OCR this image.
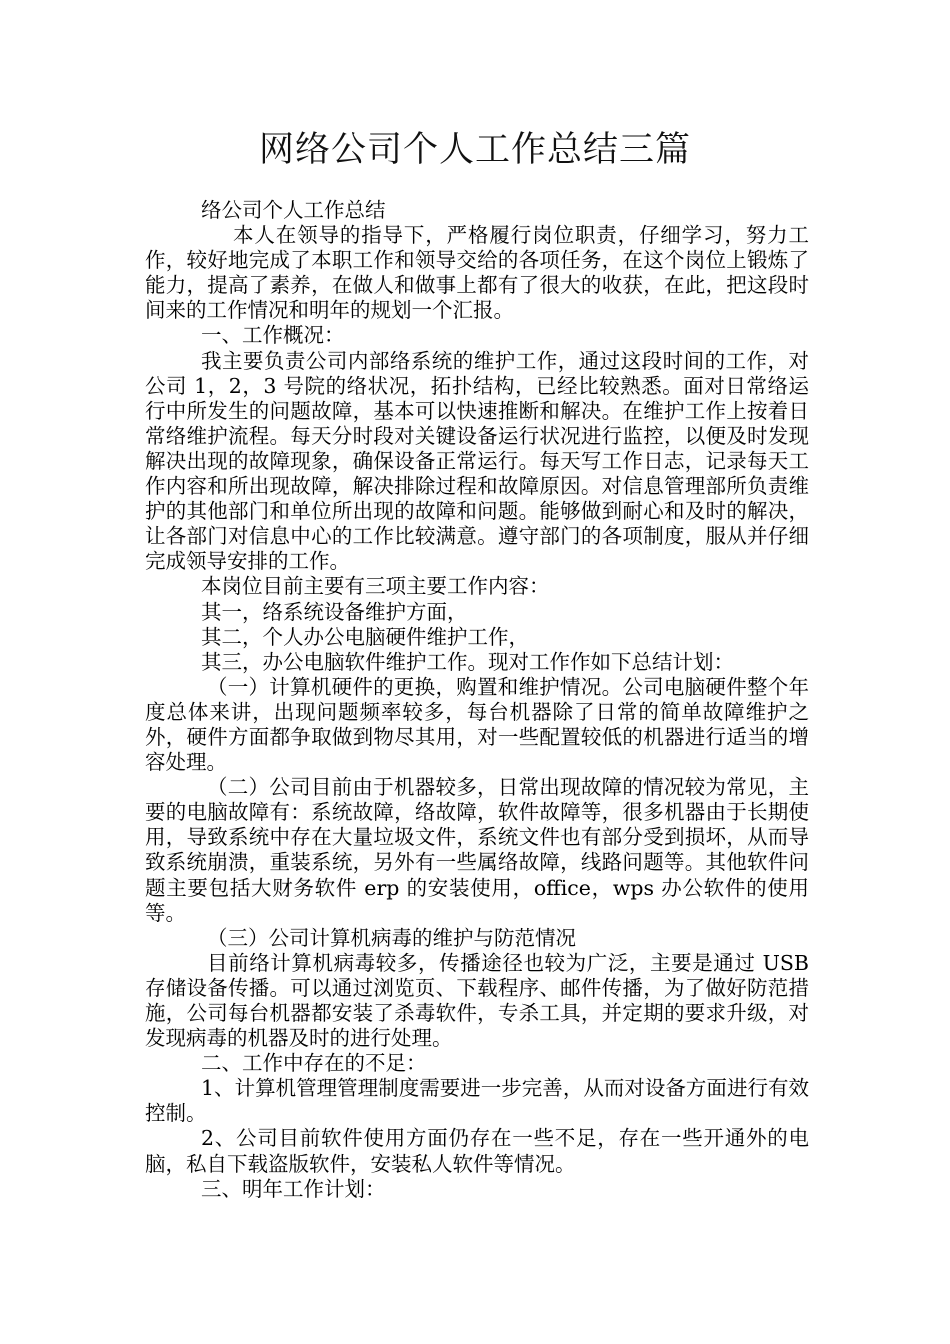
网络公司个人工作总结三篇

络公司个人工作总结

本人在领导的指导下，严格履行岗位职责，仔细学习，努力工作，较好地完成了本职工作和领导交给的各项任务，在这个岗位上锻炼了能力，提高了素养，在做人和做事上都有了很大的收获，在此，把这段时间来的工作情况和明年的规划一个汇报。

一、工作概况：

我主要负责公司内部络系统的维护工作，通过这段时间的工作，对公司 1，2，3 号院的络状况，拓扑结构，已经比较熟悉。面对日常络运行中所发生的问题故障，基本可以快速推断和解决。在维护工作上按着日常络维护流程。每天分时段对关键设备运行状况进行监控，以便及时发现解决出现的故障现象，确保设备正常运行。每天写工作日志，记录每天工作内容和所出现故障，解决排除过程和故障原因。对信息管理部所负责维护的其他部门和单位所出现的故障和问题。能够做到耐心和及时的解决，让各部门对信息中心的工作比较满意。遵守部门的各项制度，服从并仔细完成领导安排的工作。

本岗位目前主要有三项主要工作内容：

其一，络系统设备维护方面，

其二，个人办公电脑硬件维护工作，

其三，办公电脑软件维护工作。现对工作作如下总结计划：

（一）计算机硬件的更换，购置和维护情况。公司电脑硬件整个年度总体来讲，出现问题频率较多，每台机器除了日常的简单故障维护之外，硬件方面都争取做到物尽其用，对一些配置较低的机器进行适当的增容处理。

（二）公司目前由于机器较多，日常出现故障的情况较为常见，主要的电脑故障有：系统故障，络故障，软件故障等，很多机器由于长期使用，导致系统中存在大量垃圾文件，系统文件也有部分受到损坏，从而导致系统崩溃，重装系统，另外有一些属络故障，线路问题等。其他软件问题主要包括大财务软件 erp 的安装使用，office，wps 办公软件的使用等。

（三）公司计算机病毒的维护与防范情况

目前络计算机病毒较多，传播途径也较为广泛，主要是通过 USB 存储设备传播。可以通过浏览页、下载程序、邮件传播，为了做好防范措施，公司每台机器都安装了杀毒软件，专杀工具，并定期的要求升级，对发现病毒的机器及时的进行处理。

二、工作中存在的不足：

1、计算机管理管理制度需要进一步完善，从而对设备方面进行有效控制。

2、公司目前软件使用方面仍存在一些不足，存在一些开通外的电脑，私自下载盗版软件，安装私人软件等情况。

三、明年工作计划：
